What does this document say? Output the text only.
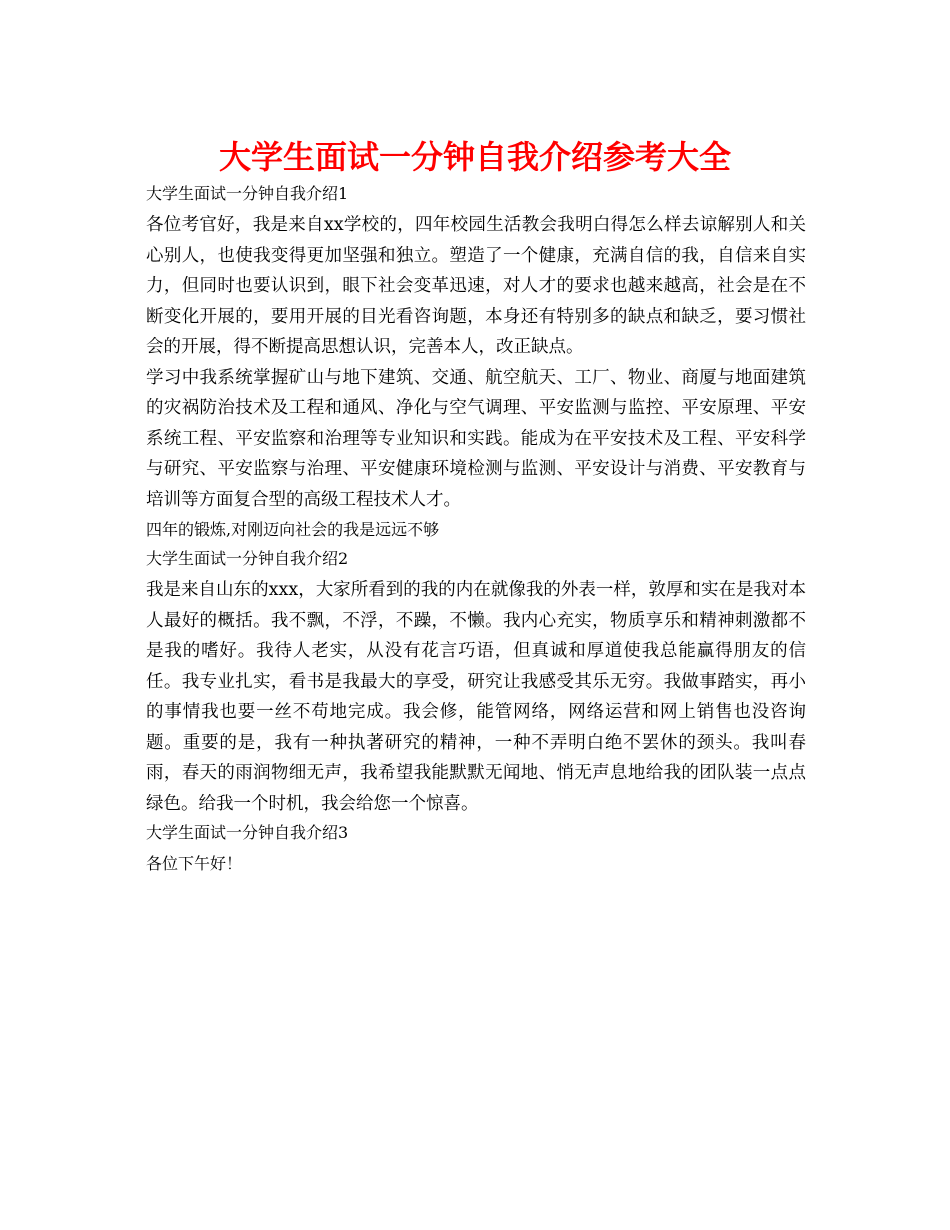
大学生面试一分钟自我介绍参考大全

大学生面试一分钟自我介绍1

各位考官好，我是来自xx学校的，四年校园生活教会我明白得怎么样去谅解别人和关心别人，也使我变得更加坚强和独立。塑造了一个健康，充满自信的我，自信来自实力，但同时也要认识到，眼下社会变革迅速，对人才的要求也越来越高，社会是在不断变化开展的，要用开展的目光看咨询题，本身还有特别多的缺点和缺乏，要习惯社会的开展，得不断提高思想认识，完善本人，改正缺点。

学习中我系统掌握矿山与地下建筑、交通、航空航天、工厂、物业、商厦与地面建筑的灾祸防治技术及工程和通风、净化与空气调理、平安监测与监控、平安原理、平安系统工程、平安监察和治理等专业知识和实践。能成为在平安技术及工程、平安科学与研究、平安监察与治理、平安健康环境检测与监测、平安设计与消费、平安教育与培训等方面复合型的高级工程技术人才。

四年的锻炼,对刚迈向社会的我是远远不够

大学生面试一分钟自我介绍2

我是来自山东的xxx，大家所看到的我的内在就像我的外表一样，敦厚和实在是我对本人最好的概括。我不飘，不浮，不躁，不懒。我内心充实，物质享乐和精神刺激都不是我的嗜好。我待人老实，从没有花言巧语，但真诚和厚道使我总能赢得朋友的信任。我专业扎实，看书是我最大的享受，研究让我感受其乐无穷。我做事踏实，再小的事情我也要一丝不苟地完成。我会修，能管网络，网络运营和网上销售也没咨询题。重要的是，我有一种执著研究的精神，一种不弄明白绝不罢休的颈头。我叫春雨，春天的雨润物细无声，我希望我能默默无闻地、悄无声息地给我的团队装一点点绿色。给我一个时机，我会给您一个惊喜。

大学生面试一分钟自我介绍3

各位下午好！
